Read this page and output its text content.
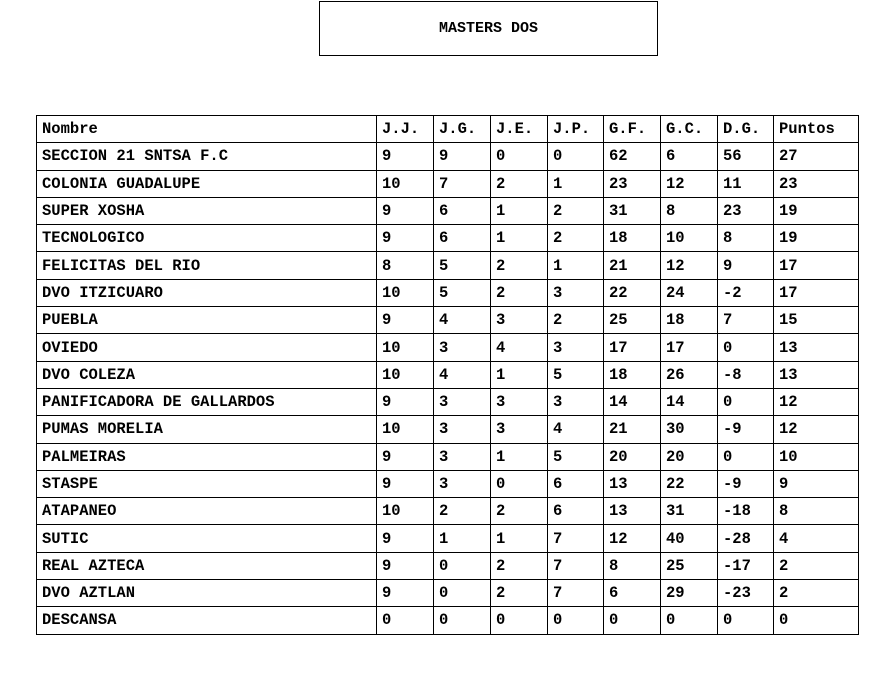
MASTERS DOS
Nombre	J.J.	J.G.	J.E.	J.P.	G.F.	G.C.	D.G.	Puntos
SECCION 21 SNTSA F.C	9	9	0	0	62	6	56	27
COLONIA GUADALUPE	10	7	2	1	23	12	11	23
SUPER XOSHA	9	6	1	2	31	8	23	19
TECNOLOGICO	9	6	1	2	18	10	8	19
FELICITAS DEL RIO	8	5	2	1	21	12	9	17
DVO ITZICUARO	10	5	2	3	22	24	-2	17
PUEBLA	9	4	3	2	25	18	7	15
OVIEDO	10	3	4	3	17	17	0	13
DVO COLEZA	10	4	1	5	18	26	-8	13
PANIFICADORA DE GALLARDOS	9	3	3	3	14	14	0	12
PUMAS MORELIA	10	3	3	4	21	30	-9	12
PALMEIRAS	9	3	1	5	20	20	0	10
STASPE	9	3	0	6	13	22	-9	9
ATAPANEO	10	2	2	6	13	31	-18	8
SUTIC	9	1	1	7	12	40	-28	4
REAL AZTECA	9	0	2	7	8	25	-17	2
DVO AZTLAN	9	0	2	7	6	29	-23	2
DESCANSA	0	0	0	0	0	0	0	0
